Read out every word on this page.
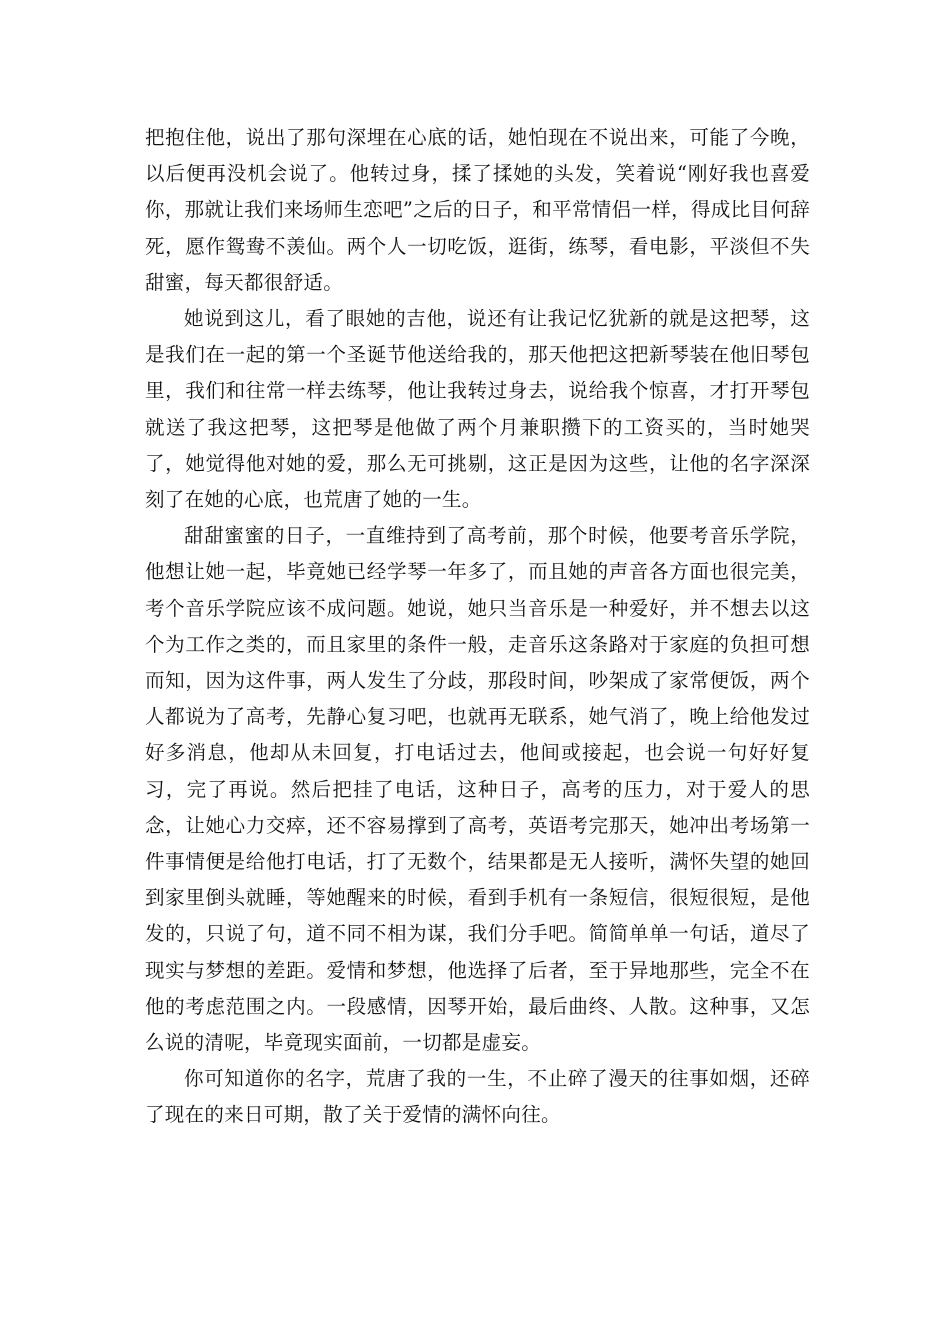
把抱住他，说出了那句深埋在心底的话，她怕现在不说出来，可能了今晚，以后便再没机会说了。他转过身，揉了揉她的头发，笑着说“刚好我也喜爱你，那就让我们来场师生恋吧”之后的日子，和平常情侣一样，得成比目何辞死，愿作鸳鸯不羡仙。两个人一切吃饭，逛街，练琴，看电影，平淡但不失甜蜜，每天都很舒适。

她说到这儿，看了眼她的吉他，说还有让我记忆犹新的就是这把琴，这是我们在一起的第一个圣诞节他送给我的，那天他把这把新琴装在他旧琴包里，我们和往常一样去练琴，他让我转过身去，说给我个惊喜，才打开琴包就送了我这把琴，这把琴是他做了两个月兼职攒下的工资买的，当时她哭了，她觉得他对她的爱，那么无可挑剔，这正是因为这些，让他的名字深深刻了在她的心底，也荒唐了她的一生。

甜甜蜜蜜的日子，一直维持到了高考前，那个时候，他要考音乐学院，他想让她一起，毕竟她已经学琴一年多了，而且她的声音各方面也很完美，考个音乐学院应该不成问题。她说，她只当音乐是一种爱好，并不想去以这个为工作之类的，而且家里的条件一般，走音乐这条路对于家庭的负担可想而知，因为这件事，两人发生了分歧，那段时间，吵架成了家常便饭，两个人都说为了高考，先静心复习吧，也就再无联系，她气消了，晚上给他发过好多消息，他却从未回复，打电话过去，他间或接起，也会说一句好好复习，完了再说。然后把挂了电话，这种日子，高考的压力，对于爱人的思念，让她心力交瘁，还不容易撑到了高考，英语考完那天，她冲出考场第一件事情便是给他打电话，打了无数个，结果都是无人接听，满怀失望的她回到家里倒头就睡，等她醒来的时候，看到手机有一条短信，很短很短，是他发的，只说了句，道不同不相为谋，我们分手吧。简简单单一句话，道尽了现实与梦想的差距。爱情和梦想，他选择了后者，至于异地那些，完全不在他的考虑范围之内。一段感情，因琴开始，最后曲终、人散。这种事，又怎么说的清呢，毕竟现实面前，一切都是虚妄。

你可知道你的名字，荒唐了我的一生，不止碎了漫天的往事如烟，还碎了现在的来日可期，散了关于爱情的满怀向往。
